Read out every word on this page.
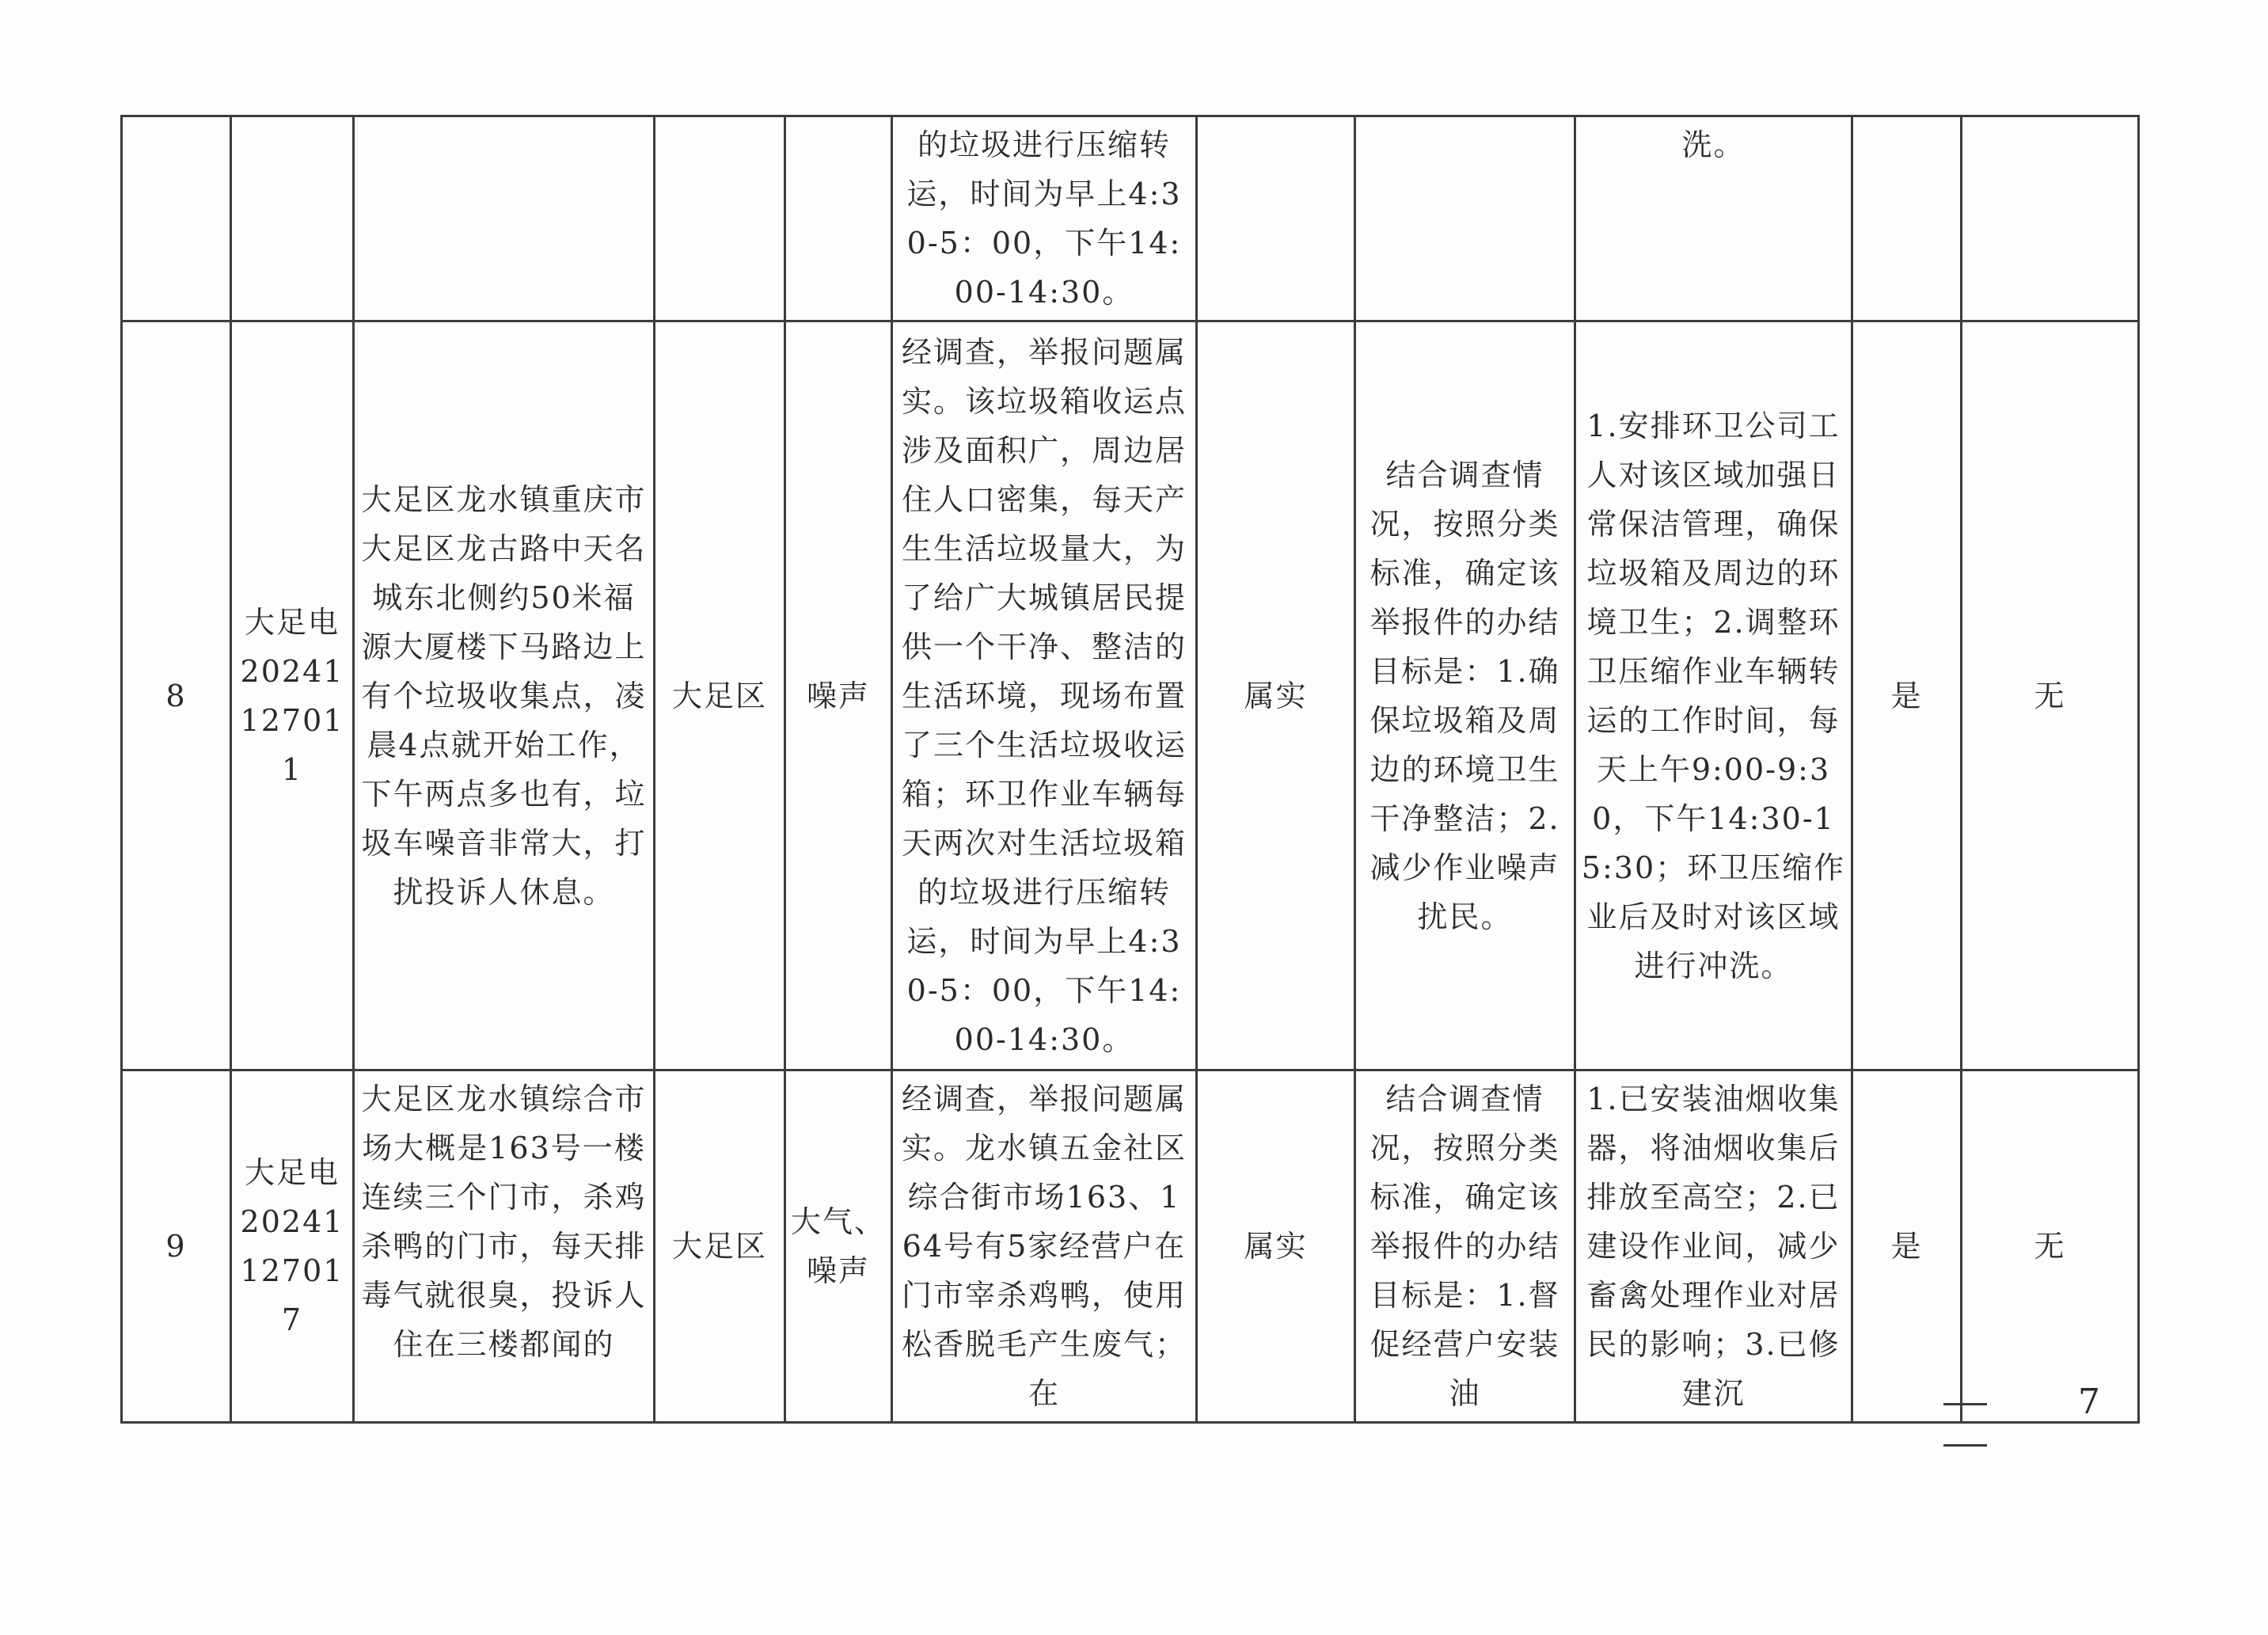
					的垃圾进行压缩转运，时间为早上4:30-5：00，下午14:00-14:30。			洗。		
8	大足电20241127011	大足区龙水镇重庆市大足区龙古路中天名城东北侧约50米福源大厦楼下马路边上有个垃圾收集点，凌晨4点就开始工作，下午两点多也有，垃圾车噪音非常大，打扰投诉人休息。	大足区	噪声	经调查，举报问题属实。该垃圾箱收运点涉及面积广，周边居住人口密集，每天产生生活垃圾量大，为了给广大城镇居民提供一个干净、整洁的生活环境，现场布置了三个生活垃圾收运箱；环卫作业车辆每天两次对生活垃圾箱的垃圾进行压缩转运，时间为早上4:30-5：00，下午14:00-14:30。	属实	结合调查情况，按照分类标准，确定该举报件的办结目标是：1.确保垃圾箱及周边的环境卫生干净整洁；2.减少作业噪声扰民。	1.安排环卫公司工人对该区域加强日常保洁管理，确保垃圾箱及周边的环境卫生；2.调整环卫压缩作业车辆转运的工作时间，每天上午9:00-9:30，下午14:30-15:30；环卫压缩作业后及时对该区域进行冲洗。	是	无
9	大足电20241127017	大足区龙水镇综合市场大概是163号一楼连续三个门市，杀鸡杀鸭的门市，每天排毒气就很臭，投诉人住在三楼都闻的	大足区	大气、噪声	经调查，举报问题属实。龙水镇五金社区综合街市场163、164号有5家经营户在门市宰杀鸡鸭，使用松香脱毛产生废气；在	属实	结合调查情况，按照分类标准，确定该举报件的办结目标是：1.督促经营户安装油	1.已安装油烟收集器，将油烟收集后排放至高空；2.已建设作业间，减少畜禽处理作业对居民的影响；3.已修建沉	是	无
7
